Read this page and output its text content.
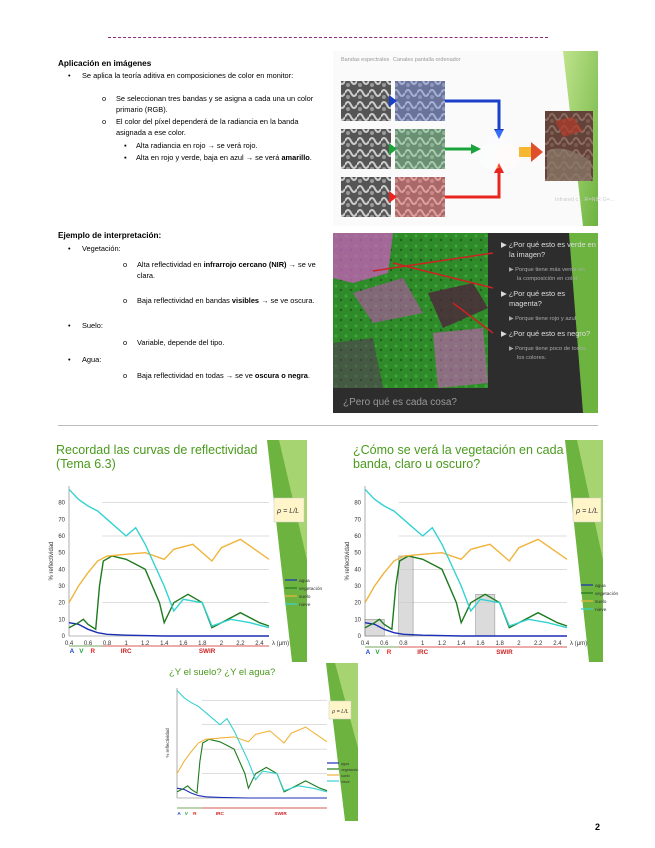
Aplicación en imágenes
• Se aplica la teoría aditiva en composiciones de color en monitor:
o Se seleccionan tres bandas y se asigna a cada una un color primario (RGB).
o El color del píxel dependerá de la radiancia en la banda asignada a ese color.
▪ Alta radiancia en rojo → se verá rojo.
▪ Alta en rojo y verde, baja en azul → se verá amarillo.
Ejemplo de interpretación:
• Vegetación:
o Alta reflectividad en infrarrojo cercano (NIR) → se ve clara.
o Baja reflectividad en bandas visibles → se ve oscura.
• Suelo:
o Variable, depende del tipo.
• Agua:
o Baja reflectividad en todas → se ve oscura o negra.
Bandas espectrales Canales pantalla ordenador
Infrared c... R=NIR G=...
▶ ¿Por qué esto es verde en
la imagen?
▶ Porque tiene más verde en
la composición en color
▶ ¿Por qué esto es
magenta?
▶ Porque tiene rojo y azul
▶ ¿Por qué esto es negro?
▶ Porque tiene poco de todos
los colores.
¿Pero qué es cada cosa?
0
10
20
30
40
50
60
70
80
0.4 0.6 0.8 1 1.2 1.4 1.6 1.8 2 2.2 2.4 λ (μm)
% reflectividad
agua
vegetación
suelo
nieve
ρ = L/L
A V R	IRC	SWIR
Recordad las curvas de reflectividad (Tema 6.3)
0
10
20
30
40
50
60
70
80
0.4 0.6 0.8 1 1.2 1.4 1.6 1.8 2 2.2 2.4 λ (μm)
% reflectividad
agua
vegetación
suelo
nieve
ρ = L/L
A V R	IRC	SWIR
¿Cómo se verá la vegetación en cada banda, claro u oscuro?
% reflectividad
agua
vegetación
suelo
nieve
ρ = L/L
A V R	IRC	SWIR
¿Y el suelo? ¿Y el agua?
2
